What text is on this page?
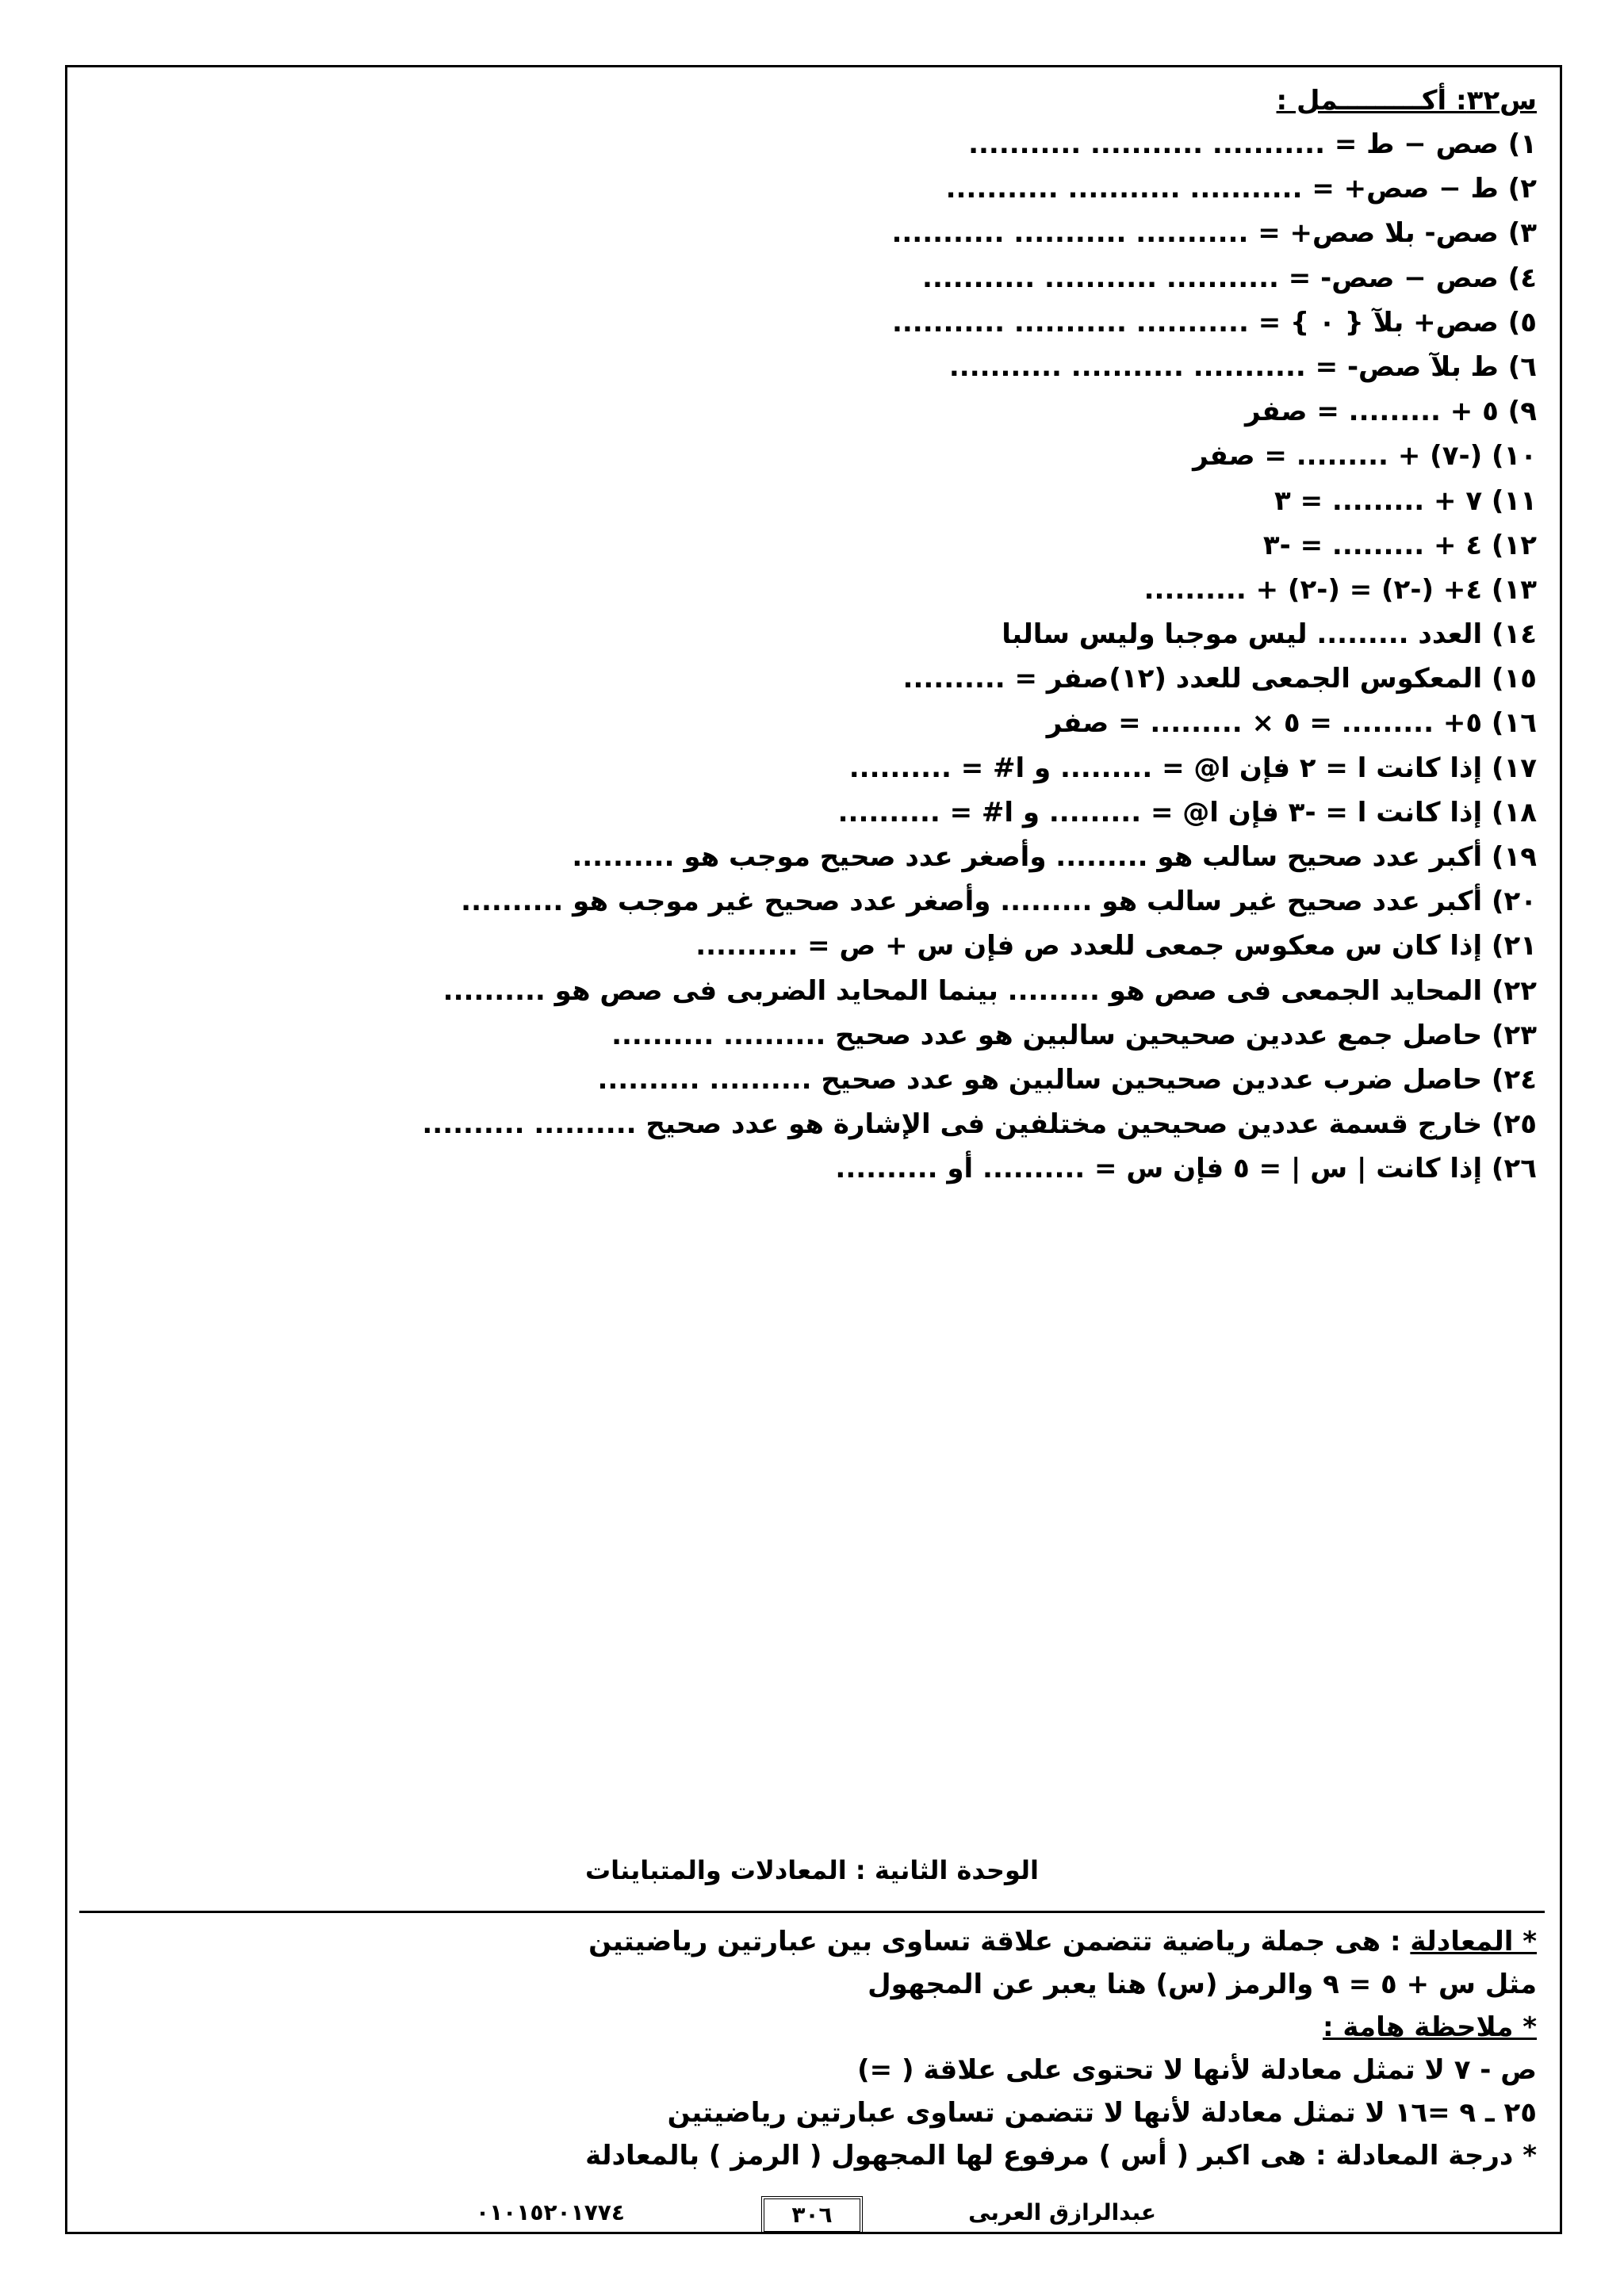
س٣٢: أكـــــــــمل :
١) صص − ط = ........... ........... ...........
٢) ط − صص+ = ........... ........... ...........
٣) صص- بلا صص+ = ........... ........... ...........
٤) صص − صص- = ........... ........... ...........
٥) صص+ بلآ { ٠ } = ........... ........... ...........
٦) ط بلآ صص- = ........... ........... ...........
٩) ٥ + ......... = صفر
١٠) (-٧) + ......... = صفر
١١) ٧ + ......... = ٣
١٢) ٤ + ......... = -٣
١٣) ٤+ (-٢) = (-٢) + ..........
١٤) العدد ......... ليس موجبا وليس سالبا
١٥) المعكوس الجمعى للعدد (١٢)صفر = ..........
١٦) ٥+ ......... = ٥ × ......... = صفر
١٧) إذا كانت ا = ٢ فإن ا@ = ......... و ا# = ..........
١٨) إذا كانت ا = -٣ فإن ا@ = ......... و ا# = ..........
١٩) أكبر عدد صحيح سالب هو ......... وأصغر عدد صحيح موجب هو ..........
٢٠) أكبر عدد صحيح غير سالب هو ......... وأصغر عدد صحيح غير موجب هو ..........
٢١) إذا كان س معكوس جمعى للعدد ص فإن س + ص = ..........
٢٢) المحايد الجمعى فى صص هو ......... بينما المحايد الضربى فى صص هو ..........
٢٣) حاصل جمع عددين صحيحين سالبين هو عدد صحيح .......... ..........
٢٤) حاصل ضرب عددين صحيحين سالبين هو عدد صحيح .......... ..........
٢٥) خارج قسمة عددين صحيحين مختلفين فى الإشارة هو عدد صحيح .......... ..........
٢٦) إذا كانت | س | = ٥ فإن س = .......... أو ..........
الوحدة الثانية : المعادلات والمتباينات
* المعادلة : هى جملة رياضية تتضمن علاقة تساوى بين عبارتين رياضيتين
مثل س + ٥ = ٩ والرمز (س) هنا يعبر عن المجهول
* ملاحظة هامة :
ص - ٧ لا تمثل معادلة لأنها لا تحتوى على علاقة ( =)
٢٥ ـ ٩ =١٦ لا تمثل معادلة لأنها لا تتضمن تساوى عبارتين رياضيتين
* درجة المعادلة : هى اكبر ( أس ) مرفوع لها المجهول ( الرمز ) بالمعادلة
عبدالرازق العربى
٣٠٦
٠١٠١٥٢٠١٧٧٤
